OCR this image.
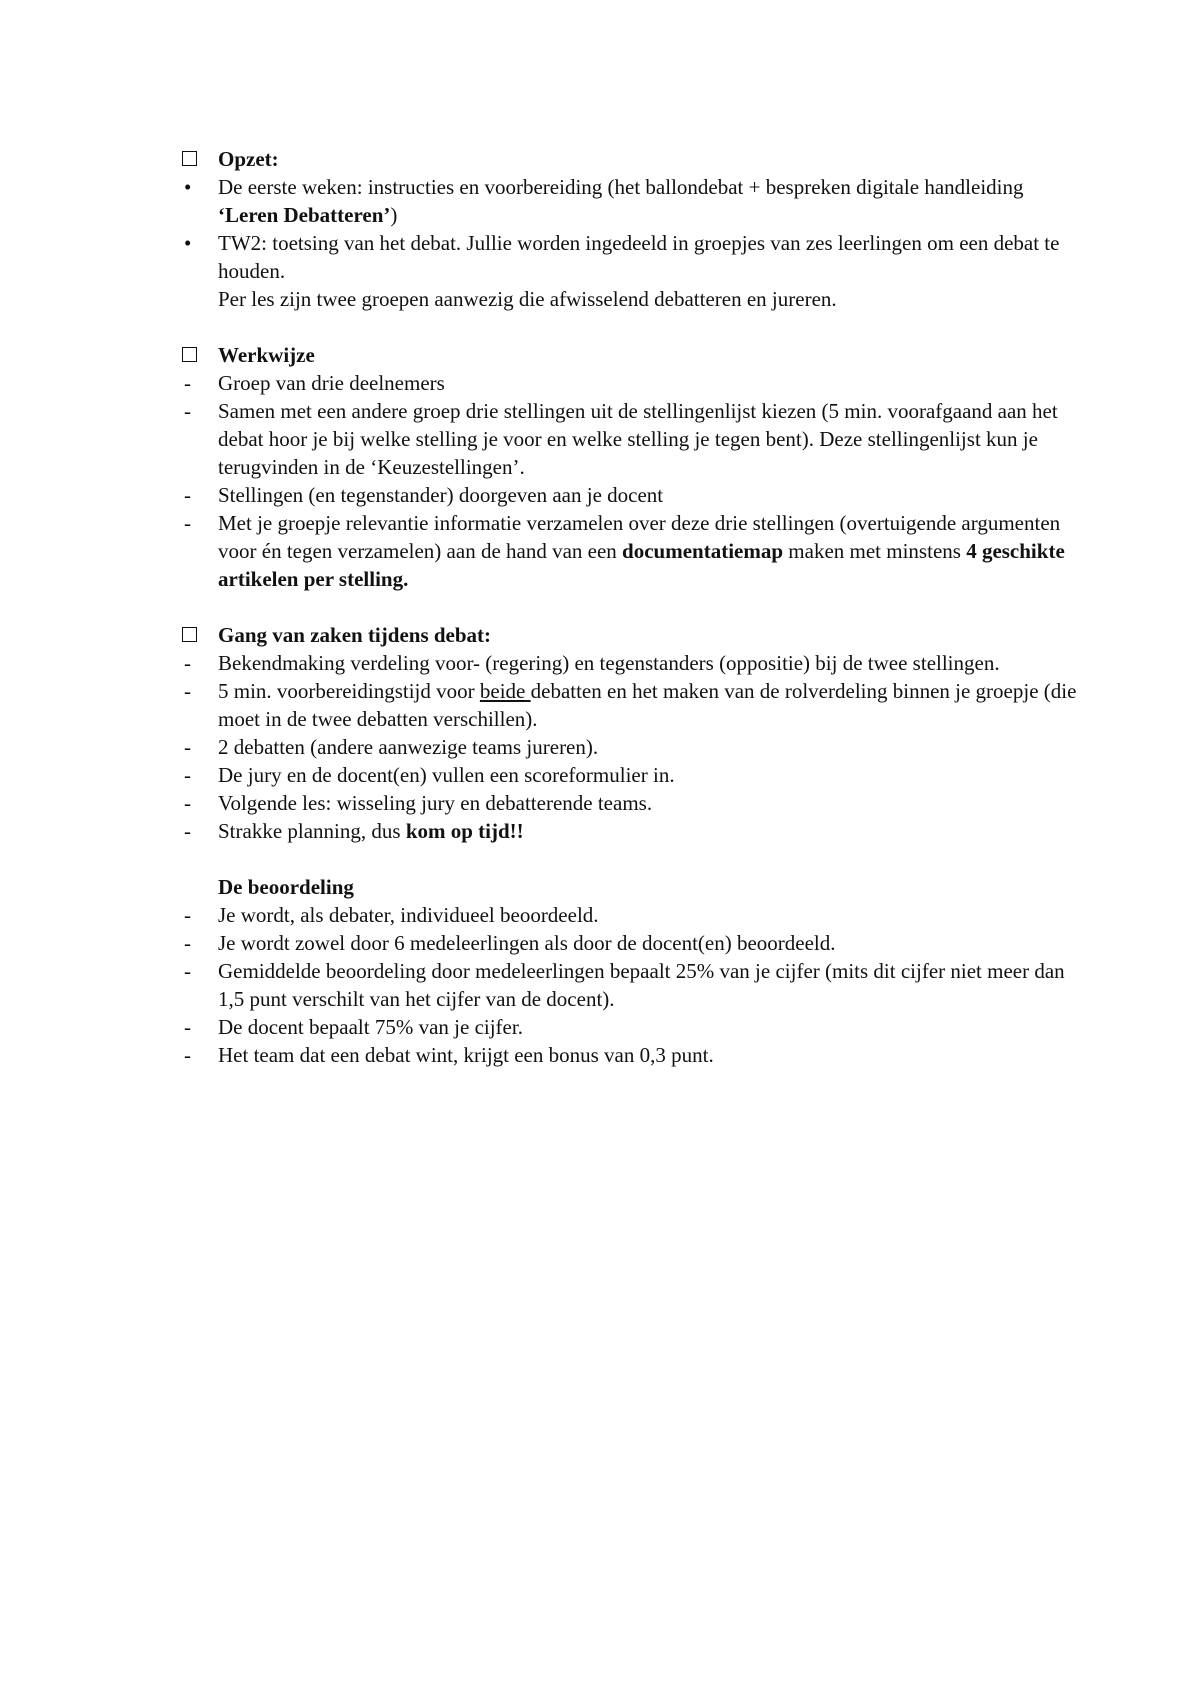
Opzet:
•	De eerste weken: instructies en voorbereiding (het ballondebat + bespreken digitale handleiding ‘Leren Debatteren’)
•	TW2: toetsing van het debat. Jullie worden ingedeeld in groepjes van zes leerlingen om een debat te houden.
Per les zijn twee groepen aanwezig die afwisselend debatteren en jureren.
Werkwijze
-	Groep van drie deelnemers
-	Samen met een andere groep drie stellingen uit de stellingenlijst kiezen (5 min. voorafgaand aan het debat hoor je bij welke stelling je voor en welke stelling je tegen bent). Deze stellingenlijst kun je terugvinden in de ‘Keuzestellingen’.
-	Stellingen (en tegenstander) doorgeven aan je docent
-	Met je groepje relevantie informatie verzamelen over deze drie stellingen (overtuigende argumenten voor én tegen verzamelen) aan de hand van een documentatiemap maken met minstens 4 geschikte artikelen per stelling.
Gang van zaken tijdens debat:
-	Bekendmaking verdeling voor- (regering) en tegenstanders (oppositie) bij de twee stellingen.
-	5 min. voorbereidingstijd voor beide debatten en het maken van de rolverdeling binnen je groepje (die moet in de twee debatten verschillen).
-	2 debatten (andere aanwezige teams jureren).
-	De jury en de docent(en) vullen een scoreformulier in.
-	Volgende les: wisseling jury en debatterende teams.
-	Strakke planning, dus kom op tijd!!
De beoordeling
-	Je wordt, als debater, individueel beoordeeld.
-	Je wordt zowel door 6 medeleerlingen als door de docent(en) beoordeeld.
-	Gemiddelde beoordeling door medeleerlingen bepaalt 25% van je cijfer (mits dit cijfer niet meer dan 1,5 punt verschilt van het cijfer van de docent).
-	De docent bepaalt 75% van je cijfer.
-	Het team dat een debat wint, krijgt een bonus van 0,3 punt.
